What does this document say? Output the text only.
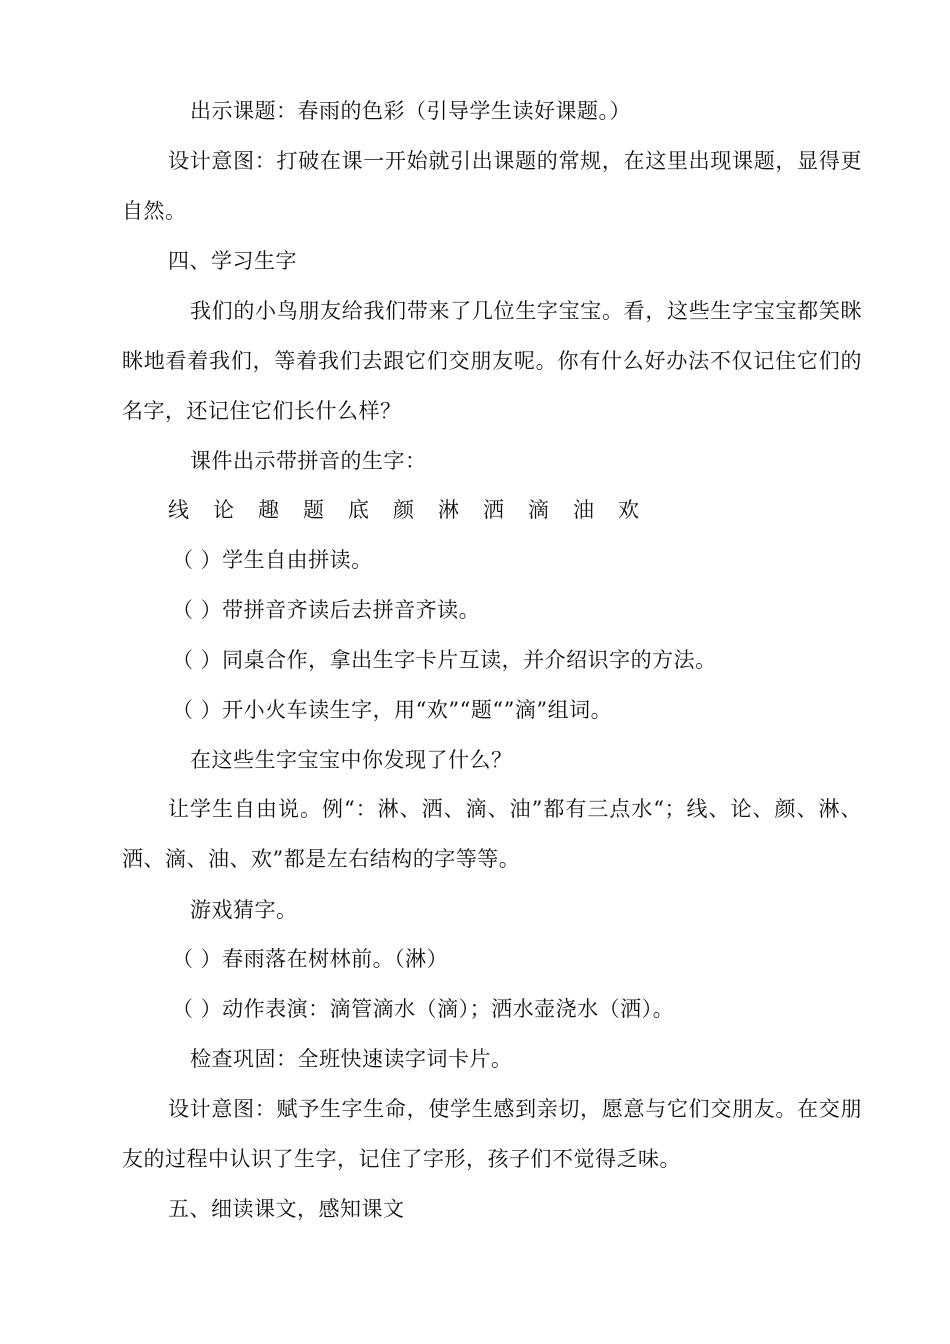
出示课题：春雨的色彩（引导学生读好课题。）
设计意图：打破在课一开始就引出课题的常规，在这里出现课题，显得更自然。
四、学习生字
我们的小鸟朋友给我们带来了几位生字宝宝。看，这些生字宝宝都笑眯眯地看着我们，等着我们去跟它们交朋友呢。你有什么好办法不仅记住它们的名字，还记住它们长什么样？
课件出示带拼音的生字：
线 论 趣 题 底 颜 淋 洒 滴 油 欢
（ ）学生自由拼读。
（ ）带拼音齐读后去拼音齐读。
（ ）同桌合作，拿出生字卡片互读，并介绍识字的方法。
（ ）开小火车读生字，用“欢”“题“”滴”组词。
在这些生字宝宝中你发现了什么？
让学生自由说。例“：淋、洒、滴、油”都有三点水“；线、论、颜、淋、洒、滴、油、欢”都是左右结构的字等等。
游戏猜字。
（ ）春雨落在树林前。（淋）
（ ）动作表演：滴管滴水（滴）；洒水壶浇水（洒）。
检查巩固：全班快速读字词卡片。
设计意图：赋予生字生命，使学生感到亲切，愿意与它们交朋友。在交朋友的过程中认识了生字，记住了字形，孩子们不觉得乏味。
五、细读课文，感知课文
